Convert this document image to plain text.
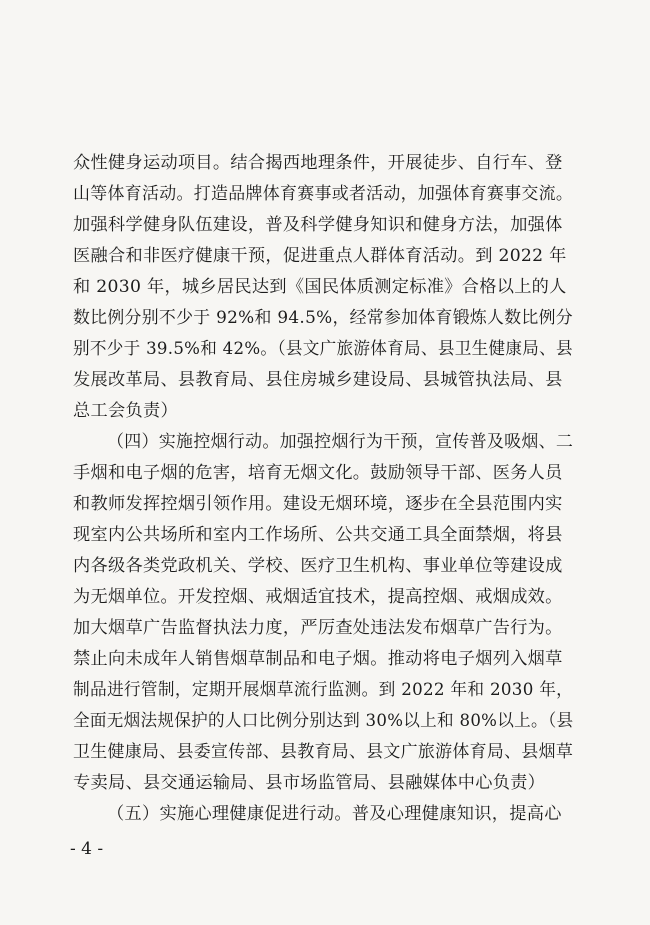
众性健身运动项目。结合揭西地理条件，开展徒步、自行车、登
山等体育活动。打造品牌体育赛事或者活动，加强体育赛事交流。
加强科学健身队伍建设，普及科学健身知识和健身方法，加强体
医融合和非医疗健康干预，促进重点人群体育活动。到 2022 年
和 2030 年，城乡居民达到《国民体质测定标准》合格以上的人
数比例分别不少于 92%和 94.5%，经常参加体育锻炼人数比例分
别不少于 39.5%和 42%。（县文广旅游体育局、县卫生健康局、县
发展改革局、县教育局、县住房城乡建设局、县城管执法局、县
总工会负责）
（四）实施控烟行动。加强控烟行为干预，宣传普及吸烟、二
手烟和电子烟的危害，培育无烟文化。鼓励领导干部、医务人员
和教师发挥控烟引领作用。建设无烟环境，逐步在全县范围内实
现室内公共场所和室内工作场所、公共交通工具全面禁烟，将县
内各级各类党政机关、学校、医疗卫生机构、事业单位等建设成
为无烟单位。开发控烟、戒烟适宜技术，提高控烟、戒烟成效。
加大烟草广告监督执法力度，严厉查处违法发布烟草广告行为。
禁止向未成年人销售烟草制品和电子烟。推动将电子烟列入烟草
制品进行管制，定期开展烟草流行监测。到 2022 年和 2030 年，
全面无烟法规保护的人口比例分别达到 30%以上和 80%以上。（县
卫生健康局、县委宣传部、县教育局、县文广旅游体育局、县烟草
专卖局、县交通运输局、县市场监管局、县融媒体中心负责）
（五）实施心理健康促进行动。普及心理健康知识，提高心
- 4 -
